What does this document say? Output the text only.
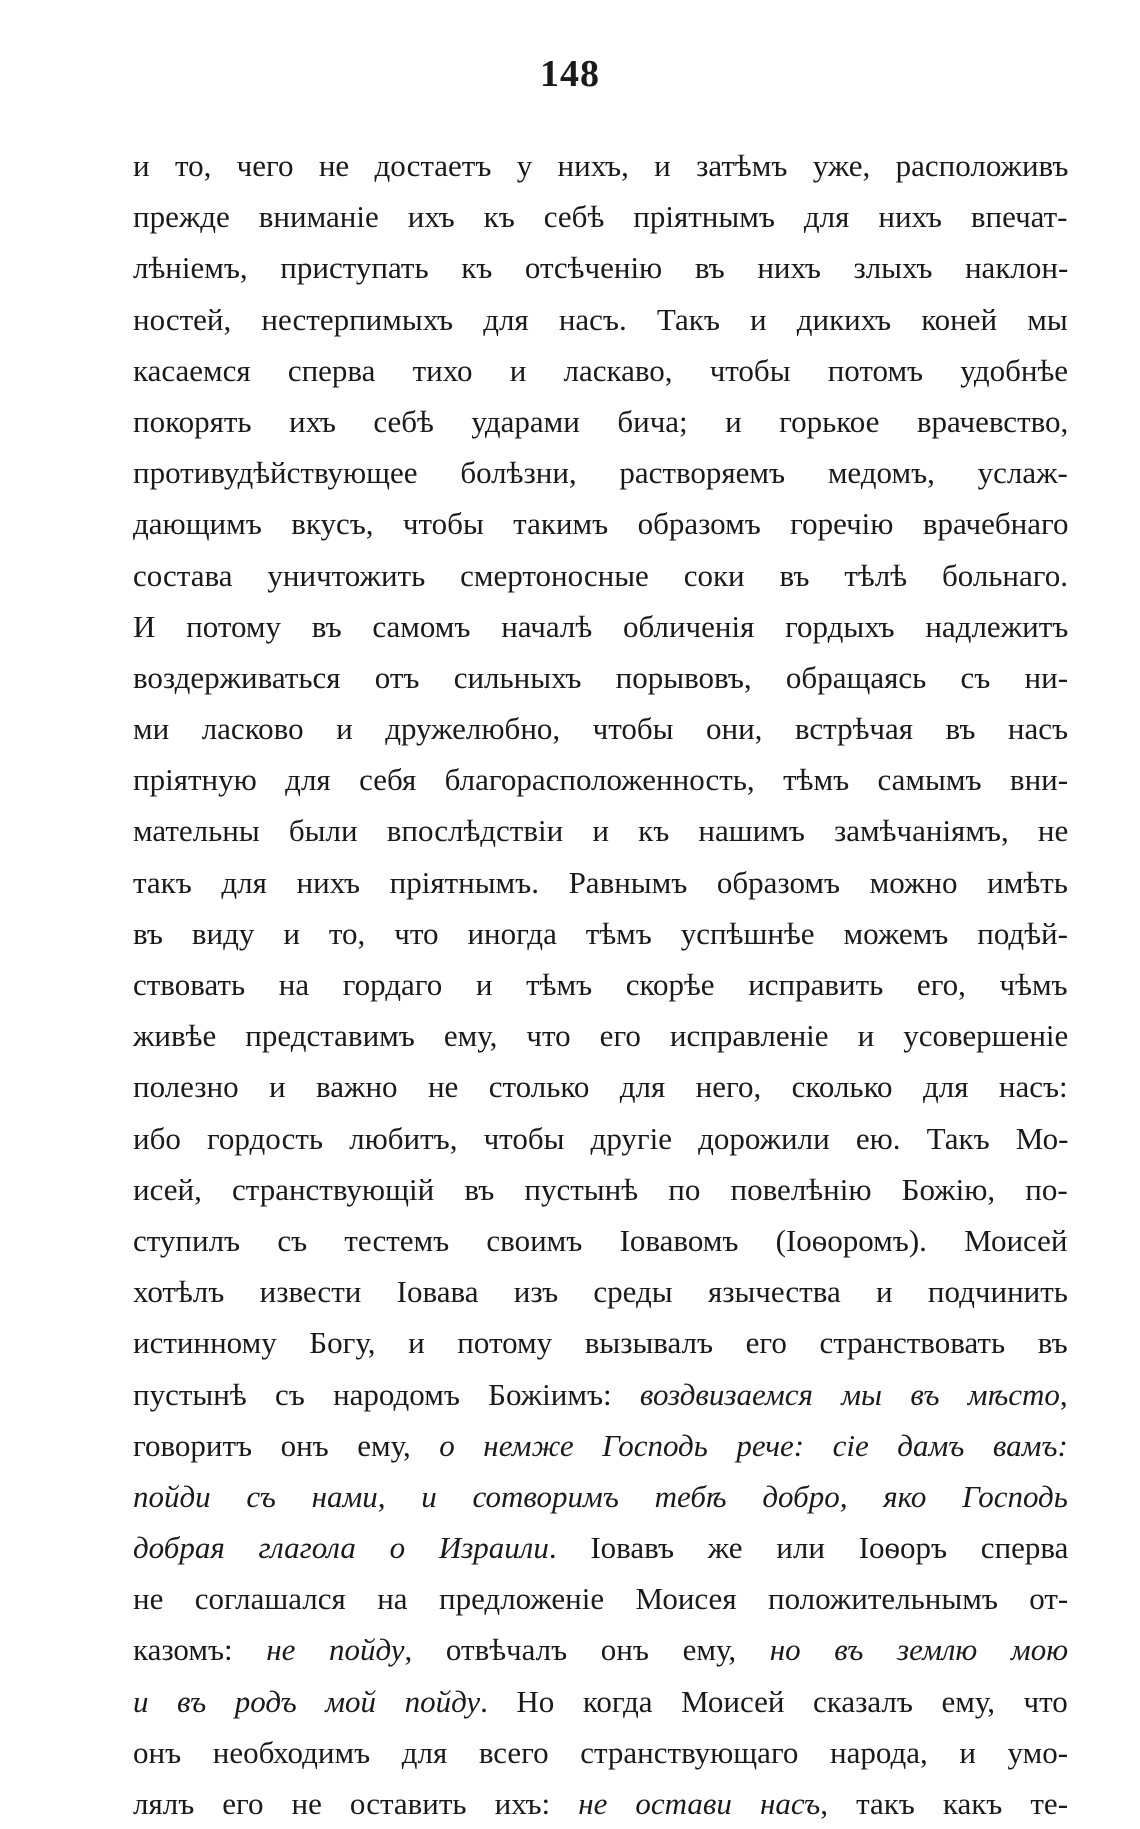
148
и то, чего не достаетъ у нихъ, и затѣмъ уже, расположивъ
прежде вниманіе ихъ къ себѣ пріятнымъ для нихъ впечат-
лѣніемъ, приступать къ отсѣченію въ нихъ злыхъ наклон-
ностей, нестерпимыхъ для насъ. Такъ и дикихъ коней мы
касаемся сперва тихо и ласкаво, чтобы потомъ удобнѣе
покорять ихъ себѣ ударами бича; и горькое врачевство,
противудѣйствующее болѣзни, растворяемъ медомъ, услаж-
дающимъ вкусъ, чтобы такимъ образомъ горечію врачебнаго
состава уничтожить смертоносные соки въ тѣлѣ больнаго.
И потому въ самомъ началѣ обличенія гордыхъ надлежитъ
воздерживаться отъ сильныхъ порывовъ, обращаясь съ ни-
ми ласково и дружелюбно, чтобы они, встрѣчая въ насъ
пріятную для себя благорасположенность, тѣмъ самымъ вни-
мательны были впослѣдствіи и къ нашимъ замѣчаніямъ, не
такъ для нихъ пріятнымъ. Равнымъ образомъ можно имѣть
въ виду и то, что иногда тѣмъ успѣшнѣе можемъ подѣй-
ствовать на гордаго и тѣмъ скорѣе исправить его, чѣмъ
живѣе представимъ ему, что его исправленіе и усовершеніе
полезно и важно не столько для него, сколько для насъ:
ибо гордость любитъ, чтобы другіе дорожили ею. Такъ Мо-
исей, странствующій въ пустынѣ по повелѣнію Божію, по-
ступилъ съ тестемъ своимъ Іовавомъ (Іоѳоромъ). Моисей
хотѣлъ извести Іовава изъ среды язычества и подчинить
истинному Богу, и потому вызывалъ его странствовать въ
пустынѣ съ народомъ Божіимъ: воздвизаемся мы въ мѣсто,
говоритъ онъ ему, о немже Господь рече: сіе дамъ вамъ:
пойди съ нами, и сотворимъ тебѣ добро, яко Господь
добрая глагола о Израили. Іовавъ же или Іоѳоръ сперва
не соглашался на предложеніе Моисея положительнымъ от-
казомъ: не пойду, отвѣчалъ онъ ему, но въ землю мою
и въ родъ мой пойду. Но когда Моисей сказалъ ему, что
онъ необходимъ для всего странствующаго народа, и умо-
лялъ его не оставить ихъ: не остави насъ, такъ какъ те-
